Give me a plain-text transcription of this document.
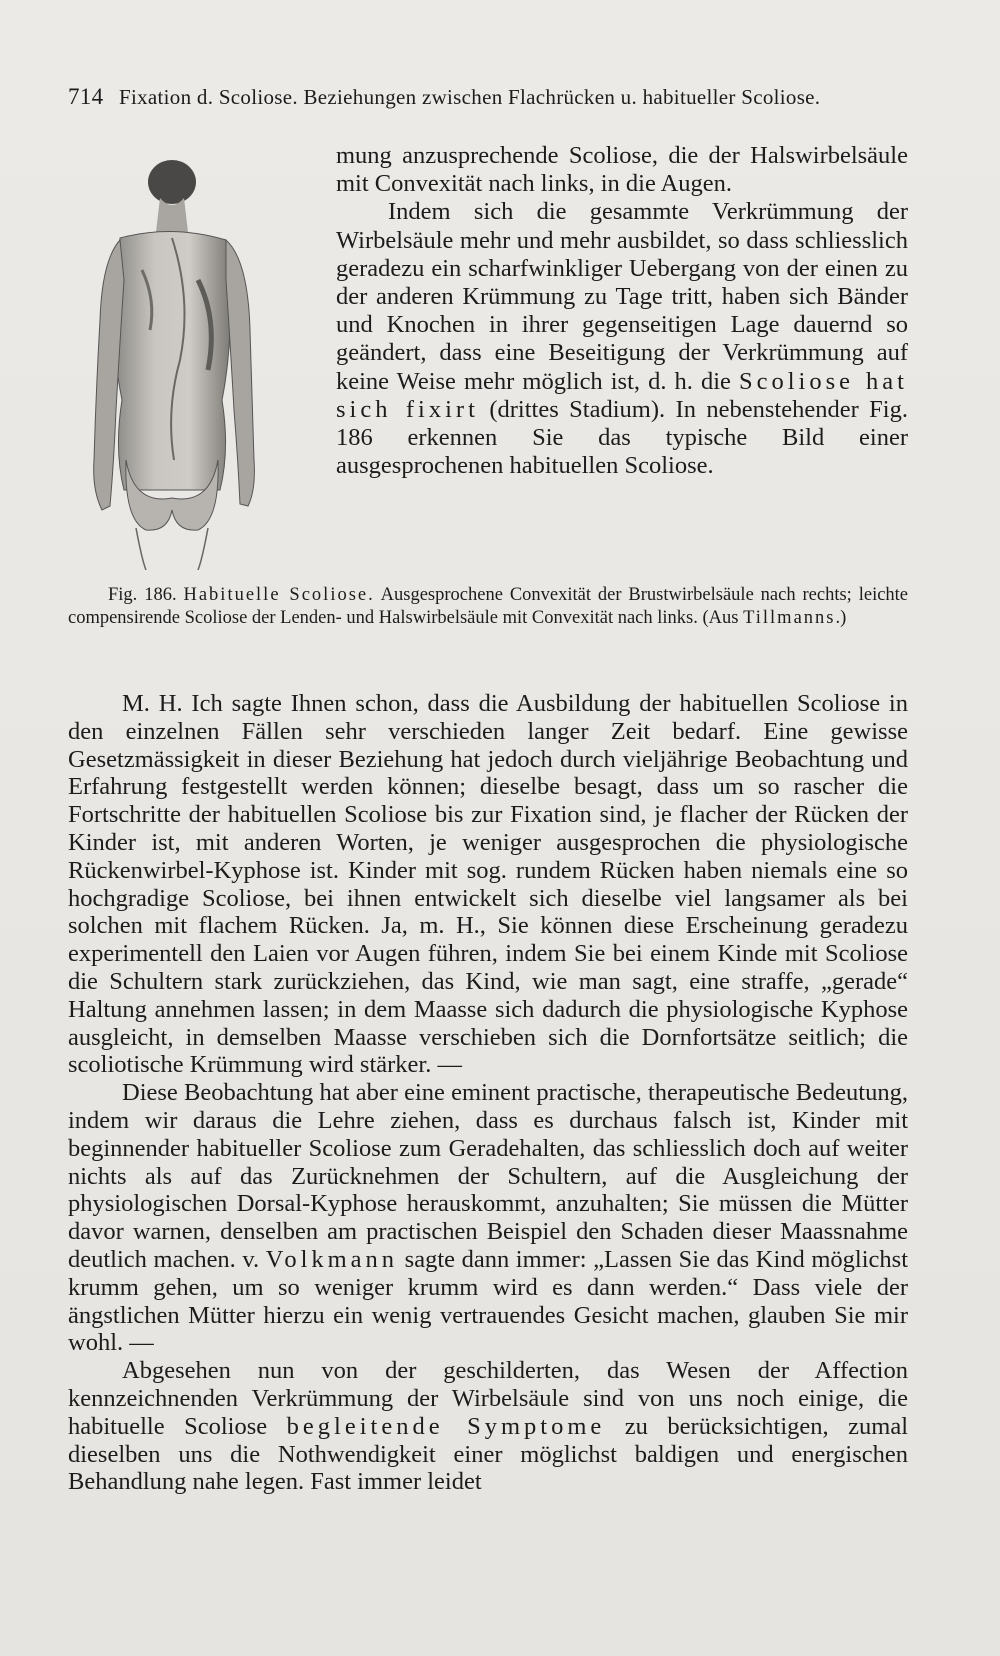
714 Fixation d. Scoliose. Beziehungen zwischen Flachrücken u. habitueller Scoliose.

mung anzusprechende Scoliose, die der Halswirbelsäule mit Convexität nach links, in die Augen.

Indem sich die gesammte Verkrümmung der Wirbelsäule mehr und mehr ausbildet, so dass schliesslich geradezu ein scharfwinkliger Uebergang von der einen zu der anderen Krümmung zu Tage tritt, haben sich Bänder und Knochen in ihrer gegenseitigen Lage dauernd so geändert, dass eine Beseitigung der Verkrümmung auf keine Weise mehr möglich ist, d. h. die Scoliose hat sich fixirt (drittes Stadium). In nebenstehender Fig. 186 erkennen Sie das typische Bild einer ausgesprochenen habituellen Scoliose.

Fig. 186. Habituelle Scoliose. Ausgesprochene Convexität der Brustwirbelsäule nach rechts; leichte compensirende Scoliose der Lenden- und Halswirbelsäule mit Convexität nach links. (Aus Tillmanns.)

M. H. Ich sagte Ihnen schon, dass die Ausbildung der habituellen Scoliose in den einzelnen Fällen sehr verschieden langer Zeit bedarf. Eine gewisse Gesetzmässigkeit in dieser Beziehung hat jedoch durch vieljährige Beobachtung und Erfahrung festgestellt werden können; dieselbe besagt, dass um so rascher die Fortschritte der habituellen Scoliose bis zur Fixation sind, je flacher der Rücken der Kinder ist, mit anderen Worten, je weniger ausgesprochen die physiologische Rückenwirbel-Kyphose ist. Kinder mit sog. rundem Rücken haben niemals eine so hochgradige Scoliose, bei ihnen entwickelt sich dieselbe viel langsamer als bei solchen mit flachem Rücken. Ja, m. H., Sie können diese Erscheinung geradezu experimentell den Laien vor Augen führen, indem Sie bei einem Kinde mit Scoliose die Schultern stark zurückziehen, das Kind, wie man sagt, eine straffe, „gerade“ Haltung annehmen lassen; in dem Maasse sich dadurch die physiologische Kyphose ausgleicht, in demselben Maasse verschieben sich die Dornfortsätze seitlich; die scoliotische Krümmung wird stärker. —

Diese Beobachtung hat aber eine eminent practische, therapeutische Bedeutung, indem wir daraus die Lehre ziehen, dass es durchaus falsch ist, Kinder mit beginnender habitueller Scoliose zum Geradehalten, das schliesslich doch auf weiter nichts als auf das Zurücknehmen der Schultern, auf die Ausgleichung der physiologischen Dorsal-Kyphose herauskommt, anzuhalten; Sie müssen die Mütter davor warnen, denselben am practischen Beispiel den Schaden dieser Maassnahme deutlich machen. v. Volkmann sagte dann immer: „Lassen Sie das Kind möglichst krumm gehen, um so weniger krumm wird es dann werden.“ Dass viele der ängstlichen Mütter hierzu ein wenig vertrauendes Gesicht machen, glauben Sie mir wohl. —

Abgesehen nun von der geschilderten, das Wesen der Affection kennzeichnenden Verkrümmung der Wirbelsäule sind von uns noch einige, die habituelle Scoliose begleitende Symptome zu berücksichtigen, zumal dieselben uns die Nothwendigkeit einer möglichst baldigen und energischen Behandlung nahe legen. Fast immer leidet
